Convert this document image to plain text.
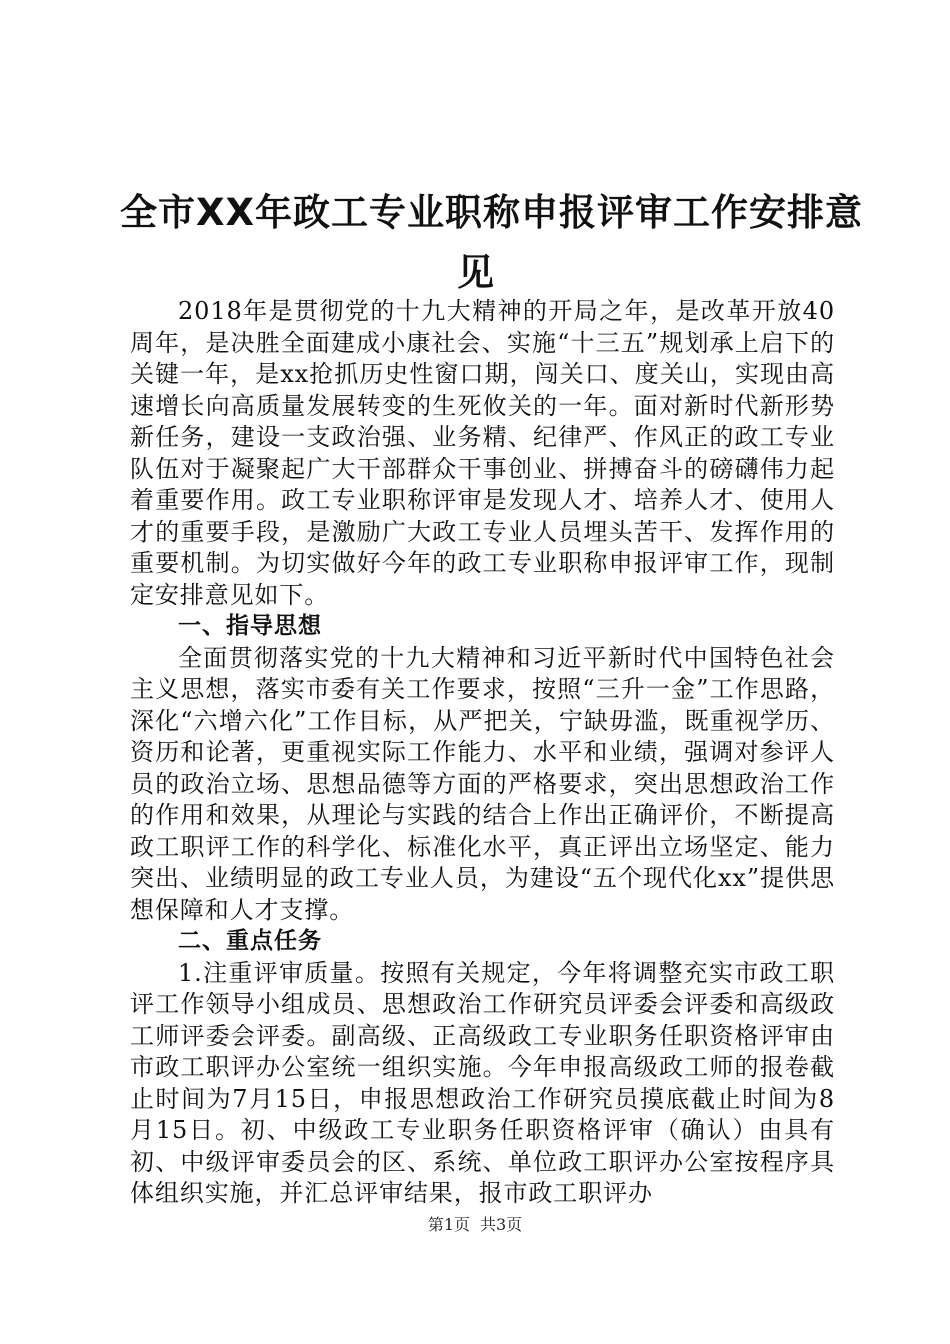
全市XX年政工专业职称申报评审工作安排意
见

2018年是贯彻党的十九大精神的开局之年，是改革开放40周年，是决胜全面建成小康社会、实施“十三五”规划承上启下的关键一年，是xx抢抓历史性窗口期，闯关口、度关山，实现由高速增长向高质量发展转变的生死攸关的一年。面对新时代新形势新任务，建设一支政治强、业务精、纪律严、作风正的政工专业队伍对于凝聚起广大干部群众干事创业、拼搏奋斗的磅礴伟力起着重要作用。政工专业职称评审是发现人才、培养人才、使用人才的重要手段，是激励广大政工专业人员埋头苦干、发挥作用的重要机制。为切实做好今年的政工专业职称申报评审工作，现制定安排意见如下。

一、指导思想

全面贯彻落实党的十九大精神和习近平新时代中国特色社会主义思想，落实市委有关工作要求，按照“三升一金”工作思路，深化“六增六化”工作目标，从严把关，宁缺毋滥，既重视学历、资历和论著，更重视实际工作能力、水平和业绩，强调对参评人员的政治立场、思想品德等方面的严格要求，突出思想政治工作的作用和效果，从理论与实践的结合上作出正确评价，不断提高政工职评工作的科学化、标准化水平，真正评出立场坚定、能力突出、业绩明显的政工专业人员，为建设“五个现代化xx”提供思想保障和人才支撑。

二、重点任务

1.注重评审质量。按照有关规定，今年将调整充实市政工职评工作领导小组成员、思想政治工作研究员评委会评委和高级政工师评委会评委。副高级、正高级政工专业职务任职资格评审由市政工职评办公室统一组织实施。今年申报高级政工师的报卷截止时间为7月15日，申报思想政治工作研究员摸底截止时间为8月15日。初、中级政工专业职务任职资格评审（确认）由具有初、中级评审委员会的区、系统、单位政工职评办公室按程序具体组织实施，并汇总评审结果，报市政工职评办

第1页 共3页
